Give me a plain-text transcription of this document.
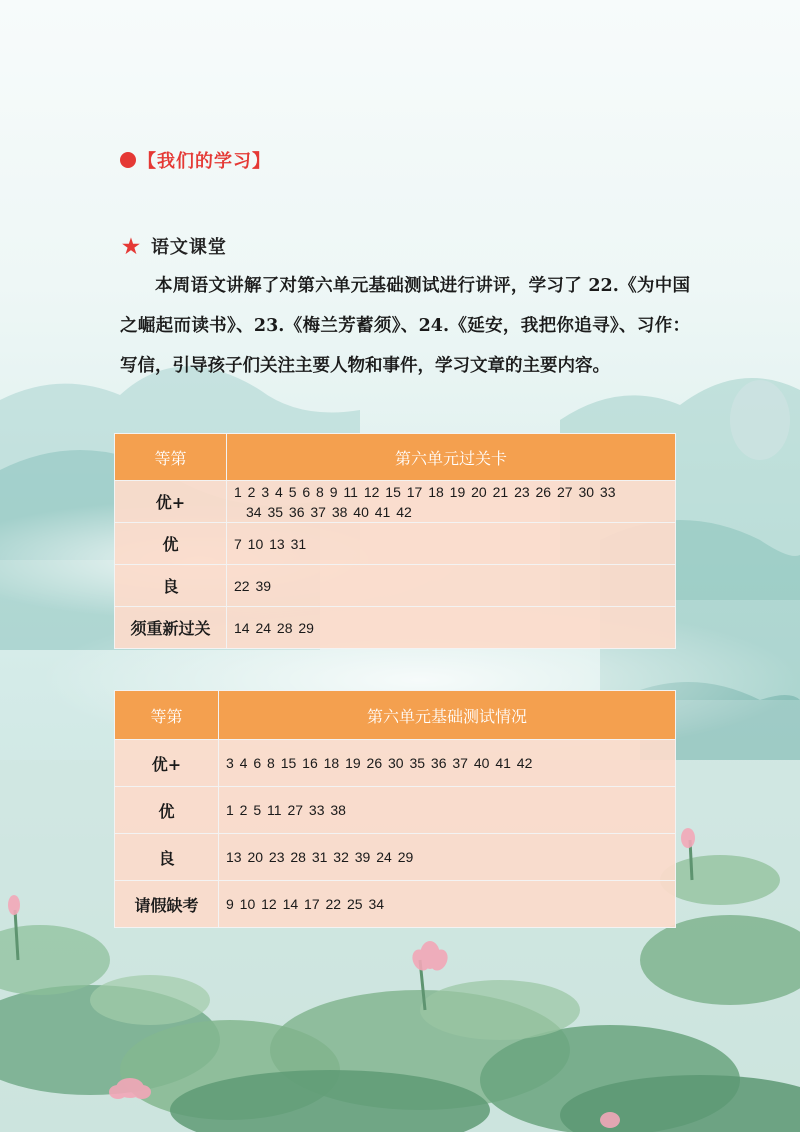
【我们的学习】
★ 语文课堂
本周语文讲解了对第六单元基础测试进行讲评，学习了 22.《为中国之崛起而读书》、23.《梅兰芳蓄须》、24.《延安，我把你追寻》、习作：写信，引导孩子们关注主要人物和事件，学习文章的主要内容。
等第	第六单元过关卡
优+	1 2 3 4 5 6 8 9 11 12 15 17 18 19 20 21 23 26 27 30 33
34 35 36 37 38 40 41 42

优	7 10 13 31
良	22 39
须重新过关	14 24 28 29
等第	第六单元基础测试情况
优+	3 4 6 8 15 16 18 19 26 30 35 36 37 40 41 42
优	1 2 5 11 27 33 38
良	13 20 23 28 31 32 39 24 29
请假缺考	9 10 12 14 17 22 25 34
